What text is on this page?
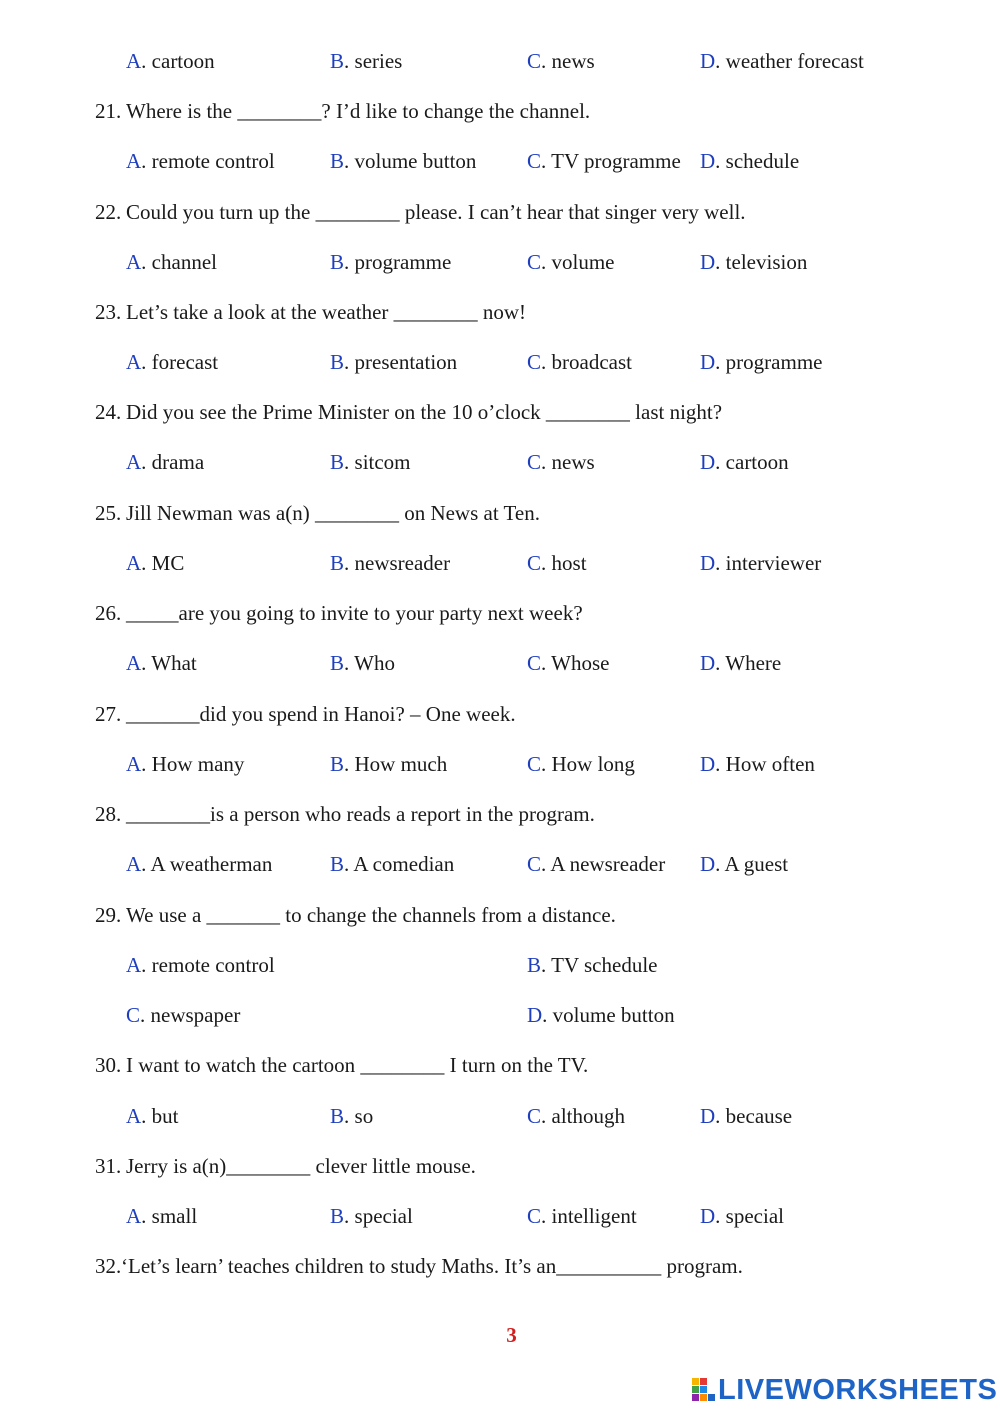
A. cartoon	B. series	C. news	D. weather forecast
21. Where is the ________? I’d like to change the channel.
A. remote control	B. volume button C. TV programme D. schedule
22. Could you turn up the ________ please. I can’t hear that singer very well.
A. channel	B. programme	C. volume	D. television
23. Let’s take a look at the weather ________ now!
A. forecast	B. presentation	C. broadcast	D. programme
24. Did you see the Prime Minister on the 10 o’clock ________ last night?
A. drama	B. sitcom	C. news	D. cartoon
25. Jill Newman was a(n) ________ on News at Ten.
A. MC	B. newsreader	C. host	D. interviewer
26. _____are you going to invite to your party next week?
A. What	B. Who	C. Whose	D. Where
27. _______did you spend in Hanoi? – One week.
A. How many	B. How much	C. How long	D. How often
28. ________is a person who reads a report in the program.
A. A weatherman	B. A comedian	C. A newsreader D. A guest
29. We use a _______ to change the channels from a distance.
A. remote control	B. TV schedule
C. newspaper	D. volume button
30. I want to watch the cartoon ________ I turn on the TV.
A. but	B. so	C. although	D. because
31. Jerry is a(n)________ clever little mouse.
A. small	B. special	C. intelligent	D. special
32. ‘Let’s learn’ teaches children to study Maths. It’s an__________ program.
3
LIVEWORKSHEETS
